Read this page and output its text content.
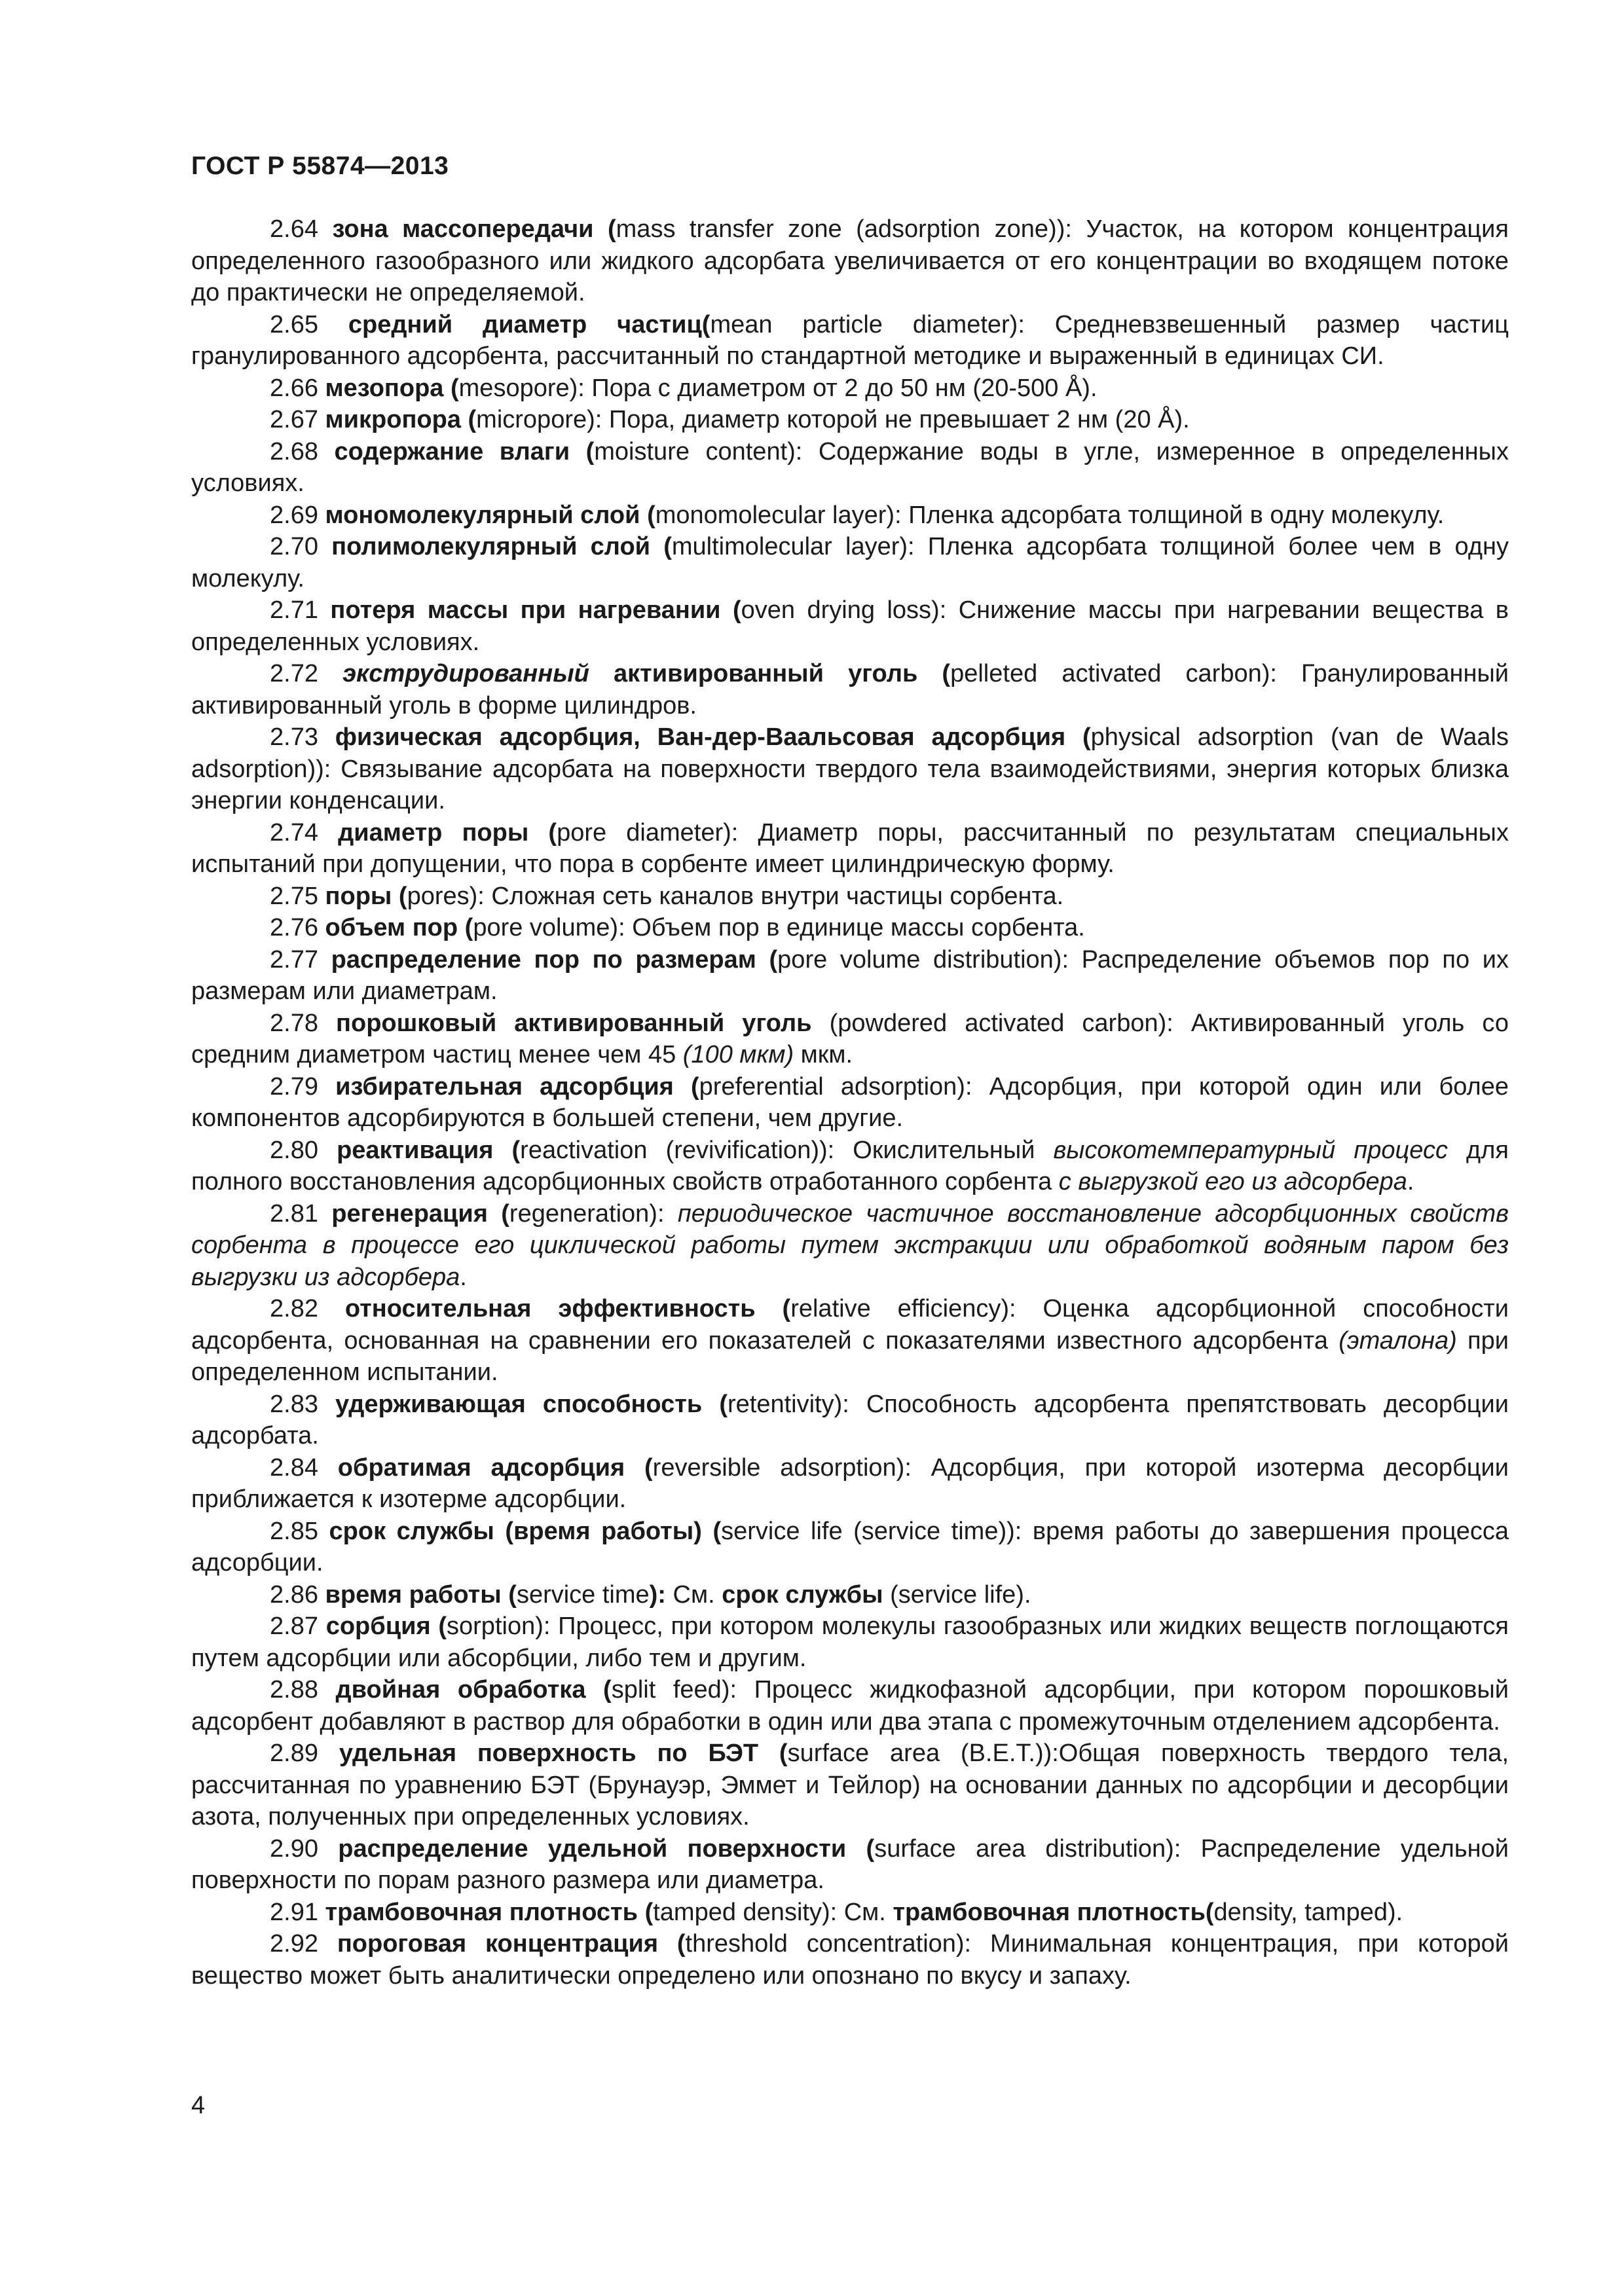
ГОСТ Р 55874—2013

2.64 зона массопередачи (mass transfer zone (adsorption zone)): Участок, на котором концентрация определенного газообразного или жидкого адсорбата увеличивается от его концентрации во входящем потоке до практически не определяемой.

2.65 средний диаметр частиц(mean particle diameter): Средневзвешенный размер частиц гранулированного адсорбента, рассчитанный по стандартной методике и выраженный в единицах СИ.

2.66 мезопора (mesopore): Пора с диаметром от 2 до 50 нм (20-500 Å).

2.67 микропора (micropore): Пора, диаметр которой не превышает 2 нм (20 Å).

2.68 содержание влаги (moisture content): Содержание воды в угле, измеренное в определенных условиях.

2.69 мономолекулярный слой (monomolecular layer): Пленка адсорбата толщиной в одну молекулу.

2.70 полимолекулярный слой (multimolecular layer): Пленка адсорбата толщиной более чем в одну молекулу.

2.71 потеря массы при нагревании (oven drying loss): Снижение массы при нагревании вещества в определенных условиях.

2.72 экструдированный активированный уголь (pelleted activated carbon): Гранулированный активированный уголь в форме цилиндров.

2.73 физическая адсорбция, Ван-дер-Ваальсовая адсорбция (physical adsorption (van de Waals adsorption)): Связывание адсорбата на поверхности твердого тела взаимодействиями, энергия которых близка энергии конденсации.

2.74 диаметр поры (pore diameter): Диаметр поры, рассчитанный по результатам специальных испытаний при допущении, что пора в сорбенте имеет цилиндрическую форму.

2.75 поры (pores): Сложная сеть каналов внутри частицы сорбента.

2.76 объем пор (pore volume): Объем пор в единице массы сорбента.

2.77 распределение пор по размерам (pore volume distribution): Распределение объемов пор по их размерам или диаметрам.

2.78 порошковый активированный уголь (powdered activated carbon): Активированный уголь со средним диаметром частиц менее чем 45 (100 мкм) мкм.

2.79 избирательная адсорбция (preferential adsorption): Адсорбция, при которой один или более компонентов адсорбируются в большей степени, чем другие.

2.80 реактивация (reactivation (revivification)): Окислительный высокотемпературный процесс для полного восстановления адсорбционных свойств отработанного сорбента с выгрузкой его из адсорбера.

2.81 регенерация (regeneration): периодическое частичное восстановление адсорбционных свойств сорбента в процессе его циклической работы путем экстракции или обработкой водяным паром без выгрузки из адсорбера.

2.82 относительная эффективность (relative efficiency): Оценка адсорбционной способности адсорбента, основанная на сравнении его показателей с показателями известного адсорбента (эталона) при определенном испытании.

2.83 удерживающая способность (retentivity): Способность адсорбента препятствовать десорбции адсорбата.

2.84 обратимая адсорбция (reversible adsorption): Адсорбция, при которой изотерма десорбции приближается к изотерме адсорбции.

2.85 срок службы (время работы) (service life (service time)): время работы до завершения процесса адсорбции.

2.86 время работы (service time): См. срок службы (service life).

2.87 сорбция (sorption): Процесс, при котором молекулы газообразных или жидких веществ поглощаются путем адсорбции или абсорбции, либо тем и другим.

2.88 двойная обработка (split feed): Процесс жидкофазной адсорбции, при котором порошковый адсорбент добавляют в раствор для обработки в один или два этапа с промежуточным отделением адсорбента.

2.89 удельная поверхность по БЭТ (surface area (B.E.T.)):Общая поверхность твердого тела, рассчитанная по уравнению БЭТ (Брунауэр, Эммет и Тейлор) на основании данных по адсорбции и десорбции азота, полученных при определенных условиях.

2.90 распределение удельной поверхности (surface area distribution): Распределение удельной поверхности по порам разного размера или диаметра.

2.91 трамбовочная плотность (tamped density): См. трамбовочная плотность(density, tamped).

2.92 пороговая концентрация (threshold concentration): Минимальная концентрация, при которой вещество может быть аналитически определено или опознано по вкусу и запаху.

4
